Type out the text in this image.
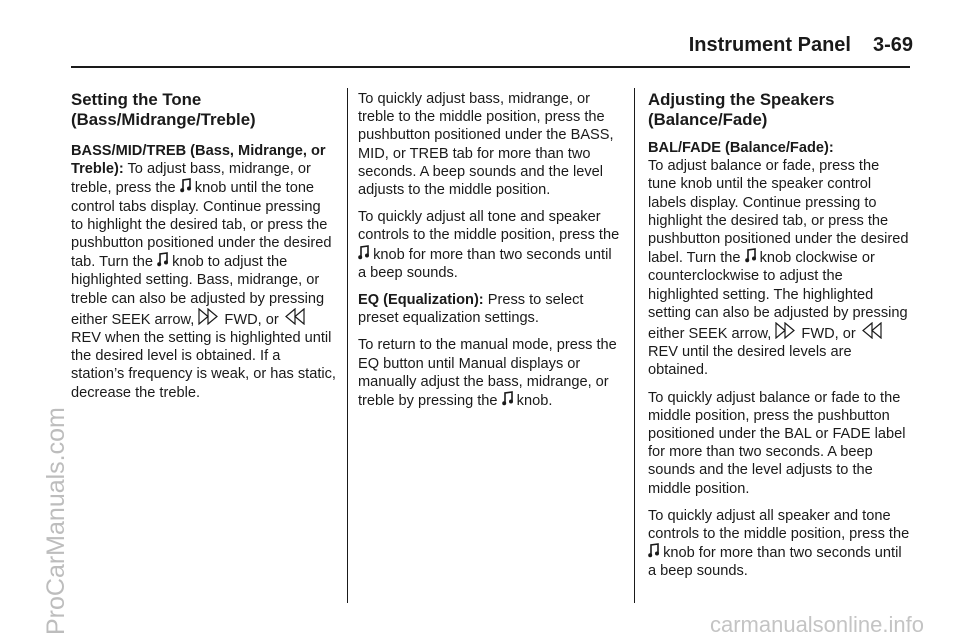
Instrument Panel 3-69
Setting the Tone (Bass/Midrange/Treble)

BASS/MID/TREB (Bass, Midrange, or Treble): To adjust bass, midrange, or treble, press the knob until the tone control tabs display. Continue pressing to highlight the desired tab, or press the pushbutton positioned under the desired tab. Turn the knob to adjust the highlighted setting. Bass, midrange, or treble can also be adjusted by pressing either SEEK arrow, FWD, or
REV when the setting is highlighted until the desired level is obtained. If a station’s frequency is weak, or has static, decrease the treble.

To quickly adjust bass, midrange, or treble to the middle position, press the pushbutton positioned under the BASS, MID, or TREB tab for more than two seconds. A beep sounds and the level adjusts to the middle position.

To quickly adjust all tone and speaker controls to the middle position, press the
knob for more than two seconds until a beep sounds.

EQ (Equalization): Press to select preset equalization settings.

To return to the manual mode, press the EQ button until Manual displays or manually adjust the bass, midrange, or treble by pressing the knob.

Adjusting the Speakers (Balance/Fade)
BAL/FADE (Balance/Fade):

To adjust balance or fade, press the tune knob until the speaker control labels display. Continue pressing to highlight the desired tab, or press the pushbutton positioned under the desired label. Turn the knob clockwise or counterclockwise to adjust the highlighted setting. The highlighted setting can also be adjusted by pressing either SEEK arrow, FWD, or
REV until the desired levels are obtained.

To quickly adjust balance or fade to the middle position, press the pushbutton positioned under the BAL or FADE label for more than two seconds. A beep sounds and the level adjusts to the middle position.

To quickly adjust all speaker and tone controls to the middle position, press the
knob for more than two seconds until a beep sounds.

ProCarManuals.com	carmanualsonline.info
